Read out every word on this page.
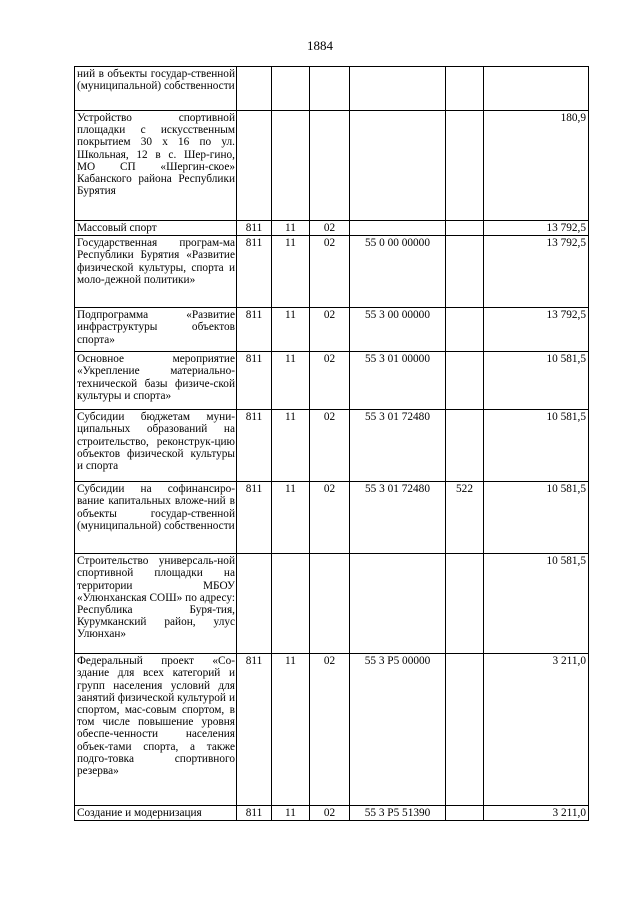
1884
ний в объекты государ-ственной (муниципальной) собственности						
Устройство спортивной площадки с искусственным покрытием 30 х 16 по ул. Школьная, 12 в с. Шер-гино, МО СП «Шергин-ское» Кабанского района Республики Бурятия						180,9
Массовый спорт	811	11	02			13 792,5
Государственная програм-ма Республики Бурятия «Развитие физической культуры, спорта и моло-дежной политики»	811	11	02	55 0 00 00000		13 792,5
Подпрограмма «Развитие инфраструктуры объектов спорта»	811	11	02	55 3 00 00000		13 792,5
Основное мероприятие «Укрепление материально-технической базы физиче-ской культуры и спорта»	811	11	02	55 3 01 00000		10 581,5
Субсидии бюджетам муни-ципальных образований на строительство, реконструк-цию объектов физической культуры и спорта	811	11	02	55 3 01 72480		10 581,5
Субсидии на софинансиро-вание капитальных вложе-ний в объекты государ-ственной (муниципальной) собственности	811	11	02	55 3 01 72480	522	10 581,5
Строительство универсаль-ной спортивной площадки на территории МБОУ «Улюнханская СОШ» по адресу: Республика Буря-тия, Курумканский район, улус Улюнхан»						10 581,5
Федеральный проект «Со-здание для всех категорий и групп населения условий для занятий физической культурой и спортом, мас-совым спортом, в том числе повышение уровня обеспе-ченности населения объек-тами спорта, а также подго-товка спортивного резерва»	811	11	02	55 3 P5 00000		3 211,0
Создание и модернизация	811	11	02	55 3 P5 51390		3 211,0
